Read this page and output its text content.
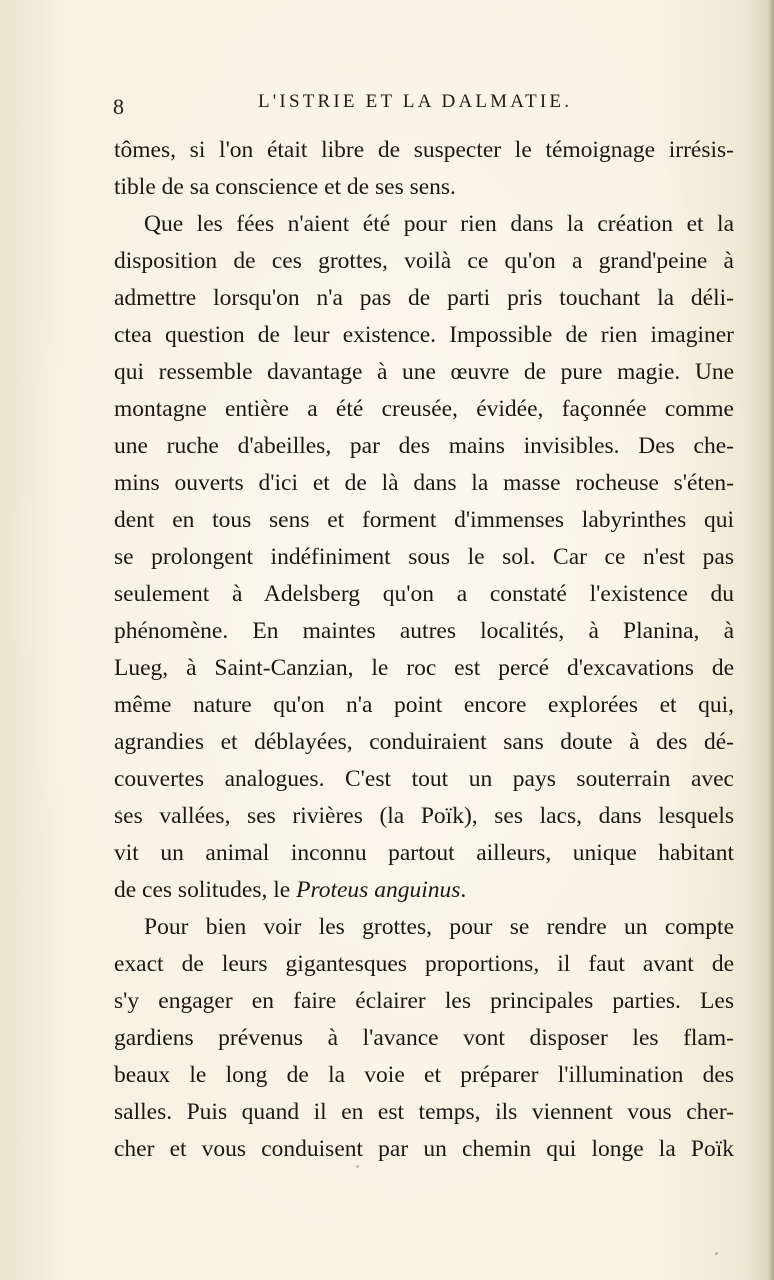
8	L'ISTRIE ET LA DALMATIE.
tômes, si l'on était libre de suspecter le témoignage irrésis-
tible de sa conscience et de ses sens.
Que les fées n'aient été pour rien dans la création et la
disposition de ces grottes, voilà ce qu'on a grand'peine à
admettre lorsqu'on n'a pas de parti pris touchant la déli-
ctea question de leur existence. Impossible de rien imaginer
qui ressemble davantage à une œuvre de pure magie. Une
montagne entière a été creusée, évidée, façonnée comme
une ruche d'abeilles, par des mains invisibles. Des che-
mins ouverts d'ici et de là dans la masse rocheuse s'éten-
dent en tous sens et forment d'immenses labyrinthes qui
se prolongent indéfiniment sous le sol. Car ce n'est pas
seulement à Adelsberg qu'on a constaté l'existence du
phénomène. En maintes autres localités, à Planina, à
Lueg, à Saint-Canzian, le roc est percé d'excavations de
même nature qu'on n'a point encore explorées et qui,
agrandies et déblayées, conduiraient sans doute à des dé-
couvertes analogues. C'est tout un pays souterrain avec
ses vallées, ses rivières (la Poïk), ses lacs, dans lesquels
vit un animal inconnu partout ailleurs, unique habitant
de ces solitudes, le Proteus anguinus.
Pour bien voir les grottes, pour se rendre un compte
exact de leurs gigantesques proportions, il faut avant de
s'y engager en faire éclairer les principales parties. Les
gardiens prévenus à l'avance vont disposer les flam-
beaux le long de la voie et préparer l'illumination des
salles. Puis quand il en est temps, ils viennent vous cher-
cher et vous conduisent par un chemin qui longe la Poïk
